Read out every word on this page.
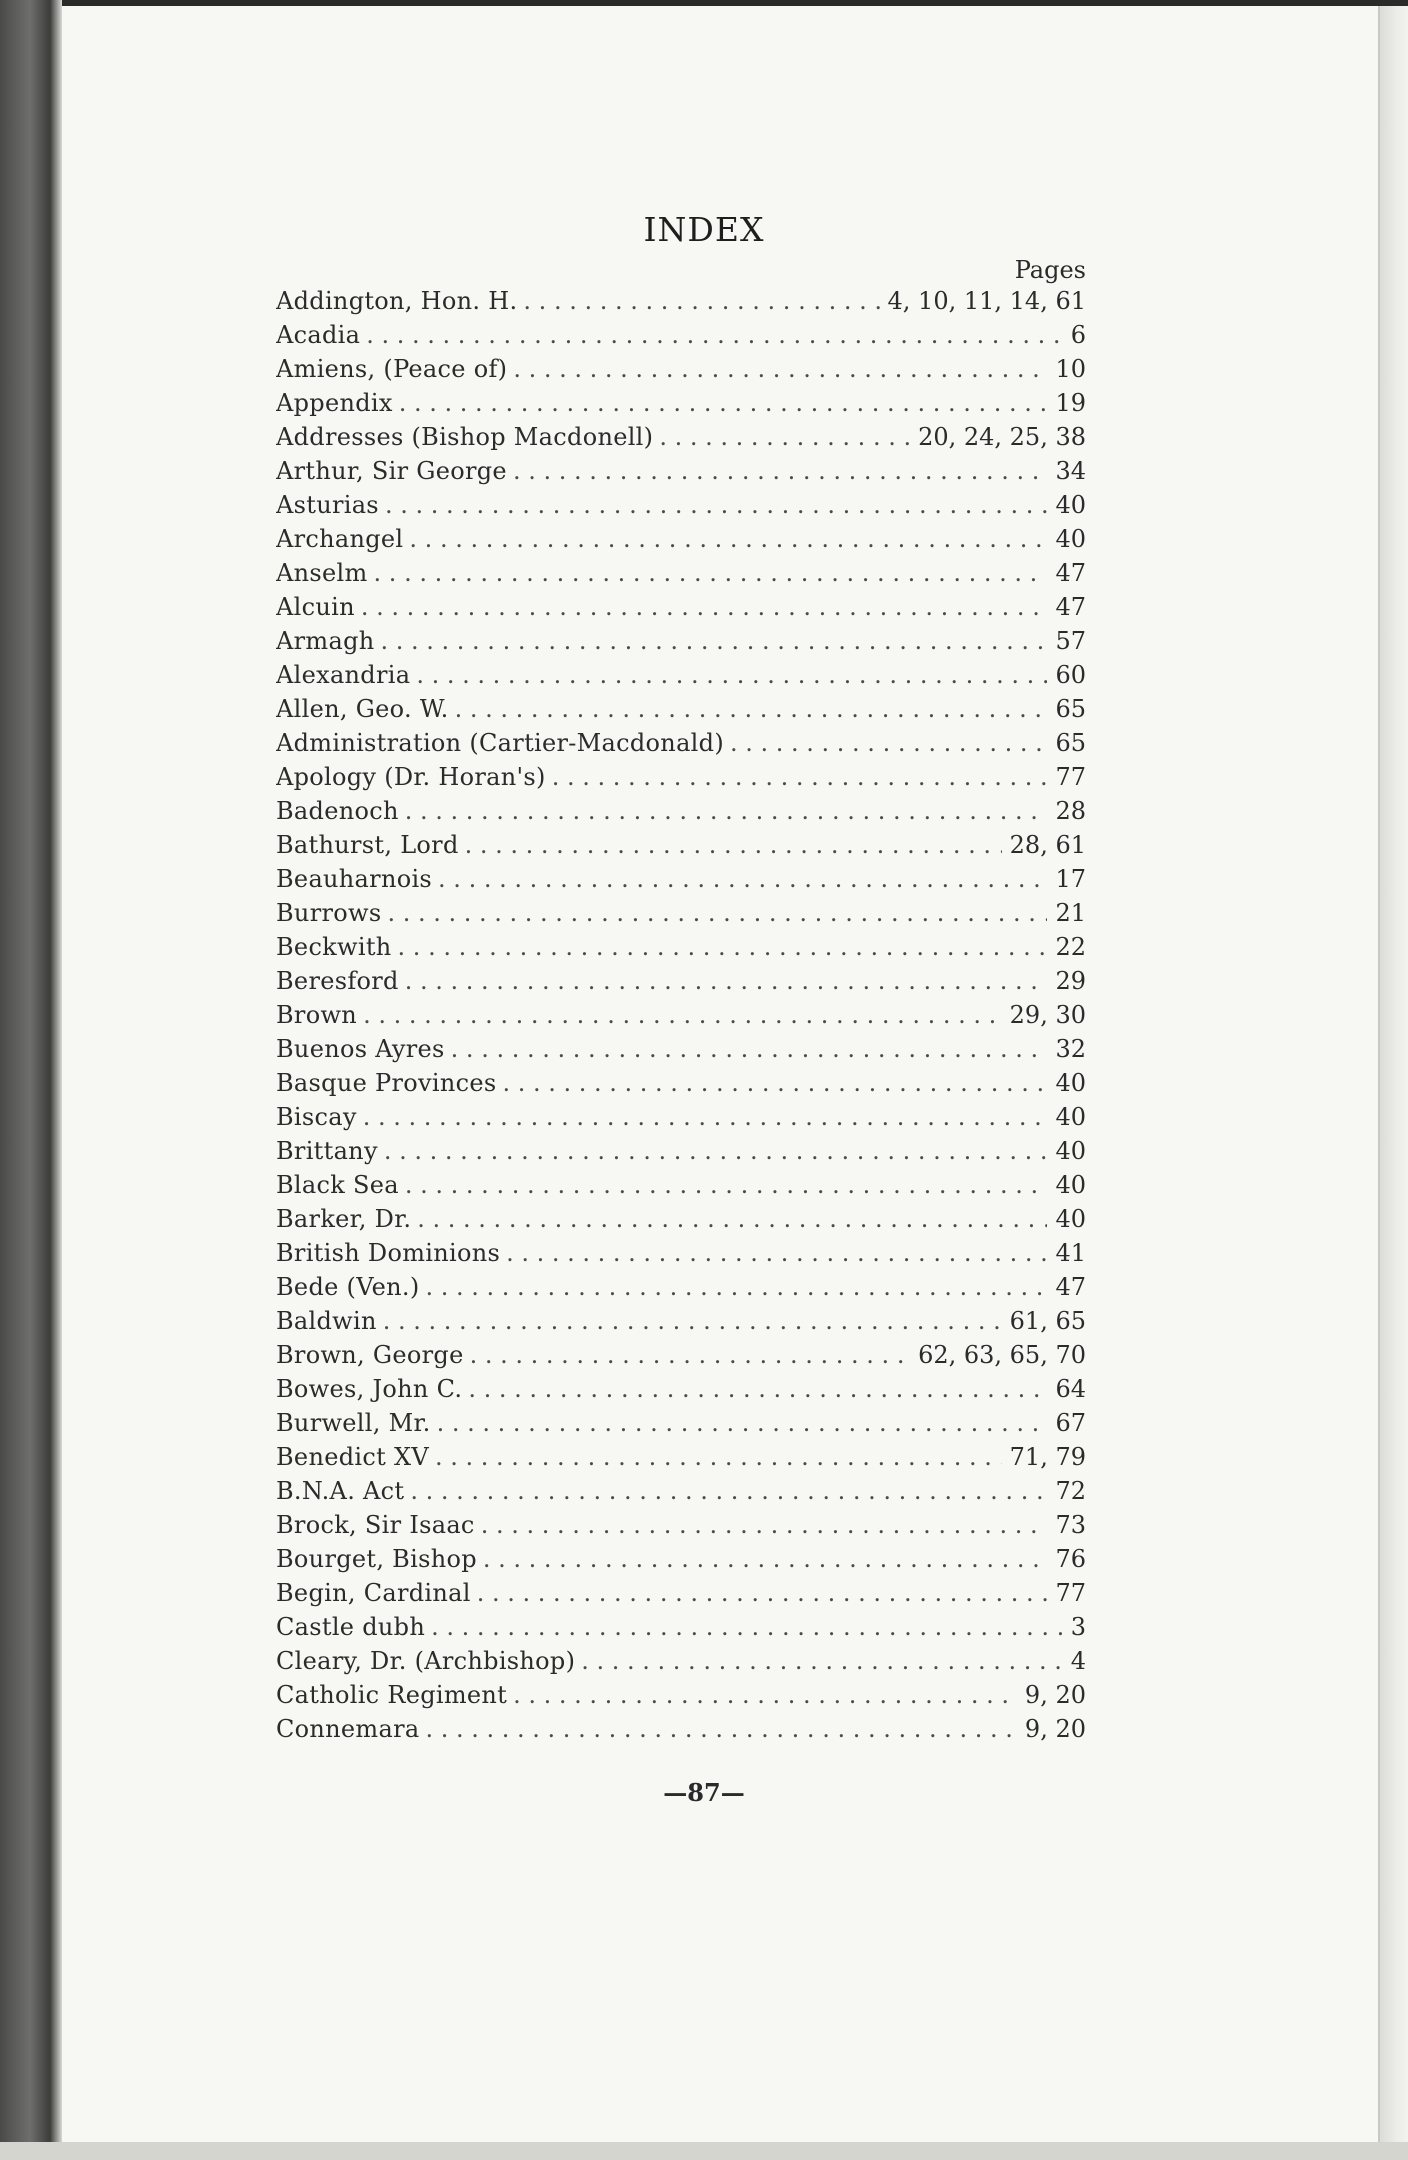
INDEX
Pages
Addington, Hon. H. . . .	4, 10, 11, 14, 61
Acadia . . .	6
Amiens, (Peace of) . . .	10
Appendix . . .	19
Addresses (Bishop Macdonell) . . .	20, 24, 25, 38
Arthur, Sir George . . .	34
Asturias . . .	40
Archangel . . .	40
Anselm . . .	47
Alcuin . . .	47
Armagh . . .	57
Alexandria . . .	60
Allen, Geo. W. . . .	65
Administration (Cartier-Macdonald) . . .	65
Apology (Dr. Horan's) . . .	77
Badenoch . . .	28
Bathurst, Lord . . .	28, 61
Beauharnois . . .	17
Burrows . . .	21
Beckwith . . .	22
Beresford . . .	29
Brown . . .	29, 30
Buenos Ayres . . .	32
Basque Provinces . . .	40
Biscay . . .	40
Brittany . . .	40
Black Sea . . .	40
Barker, Dr. . . .	40
British Dominions . . .	41
Bede (Ven.) . . .	47
Baldwin . . .	61, 65
Brown, George . . .	62, 63, 65, 70
Bowes, John C. . . .	64
Burwell, Mr. . . .	67
Benedict XV . . .	71, 79
B.N.A. Act . . .	72
Brock, Sir Isaac . . .	73
Bourget, Bishop . . .	76
Begin, Cardinal . . .	77
Castle dubh . . .	3
Cleary, Dr. (Archbishop) . . .	4
Catholic Regiment . . .	9, 20
Connemara . . .	9, 20
—87—
